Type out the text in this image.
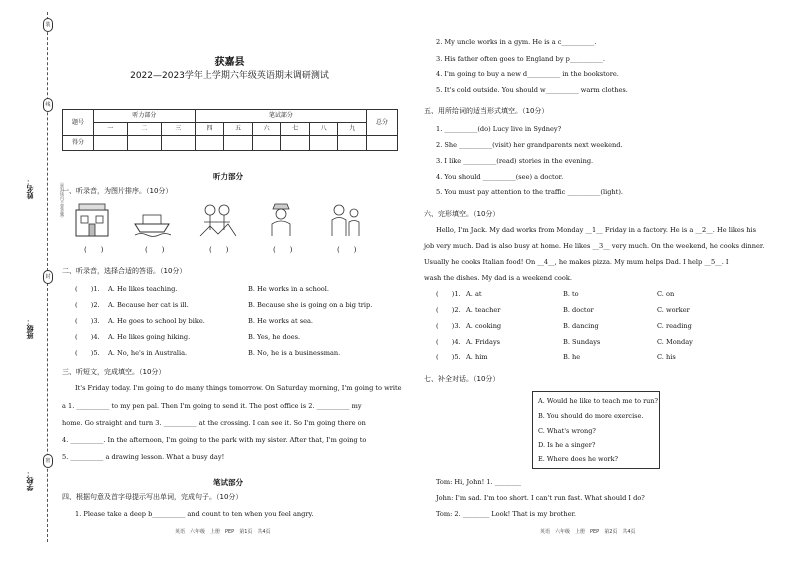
姓名：
班级：
学校：
线
封
密
装
（密封线内不要答题）
获嘉县
2022—2023学年上学期六年级英语期末调研测试
题号	听力部分			笔试部分						总分
	一	二	三	四	五	六	七	八	九	
得分										
听力部分
一、听录音，为图片排序。（10分）
(　　)	(　　)	(　　)	(　　)	(　　)
二、听录音，选择合适的答语。（10分）
(　　)1. A. He likes teaching.	B. He works in a school.
(　　)2. A. Because her cat is ill.	B. Because she is going on a big trip.
(　　)3. A. He goes to school by bike.	B. He works at sea.
(　　)4. A. He likes going hiking.	B. Yes, he does.
(　　)5. A. No, he's in Australia.	B. No, he is a businessman.
三、听短文，完成填空。（10分）
It's Friday today. I'm going to do many things tomorrow. On Saturday morning, I'm going to write
a 1. __________ to my pen pal. Then I'm going to send it. The post office is 2. __________ my
home. Go straight and turn 3. __________ at the crossing. I can see it. So I'm going there on
4. __________. In the afternoon, I'm going to the park with my sister. After that, I'm going to
5. __________ a drawing lesson. What a busy day!
笔试部分
四、根据句意及首字母提示写出单词，完成句子。（10分）
1. Please take a deep b__________ and count to ten when you feel angry.
2. My uncle works in a gym. He is a c__________.
3. His father often goes to England by p__________.
4. I'm going to buy a new d__________ in the bookstore.
5. It's cold outside. You should w__________ warm clothes.
五、用所给词的适当形式填空。（10分）
1. __________(do) Lucy live in Sydney?
2. She __________(visit) her grandparents next weekend.
3. I like __________(read) stories in the evening.
4. You should __________(see) a doctor.
5. You must pay attention to the traffic __________(light).
六、完形填空。（10分）
Hello, I'm Jack. My dad works from Monday __1__ Friday in a factory. He is a __2__. He likes his
job very much. Dad is also busy at home. He likes __3__ very much. On the weekend, he cooks dinner.
Usually he cooks Italian food! On __4__, he makes pizza. My mum helps Dad. I help __5__. I
wash the dishes. My dad is a weekend cook.
(　　)1. A. at	B. to	C. on
(　　)2. A. teacher	B. doctor	C. worker
(　　)3. A. cooking	B. dancing	C. reading
(　　)4. A. Fridays	B. Sundays	C. Monday
(　　)5. A. him	B. he	C. his
七、补全对话。（10分）
A. Would he like to teach me to run?
B. You should do more exercise.
C. What's wrong?
D. Is he a singer?
E. Where does he work?
Tom: Hi, John! 1. ________
John: I'm sad. I'm too short. I can't run fast. What should I do?
Tom: 2. ________ Look! That is my brother.
英语　六年级　上册　PEP　第1页　共4页	英语　六年级　上册　PEP　第2页　共4页
